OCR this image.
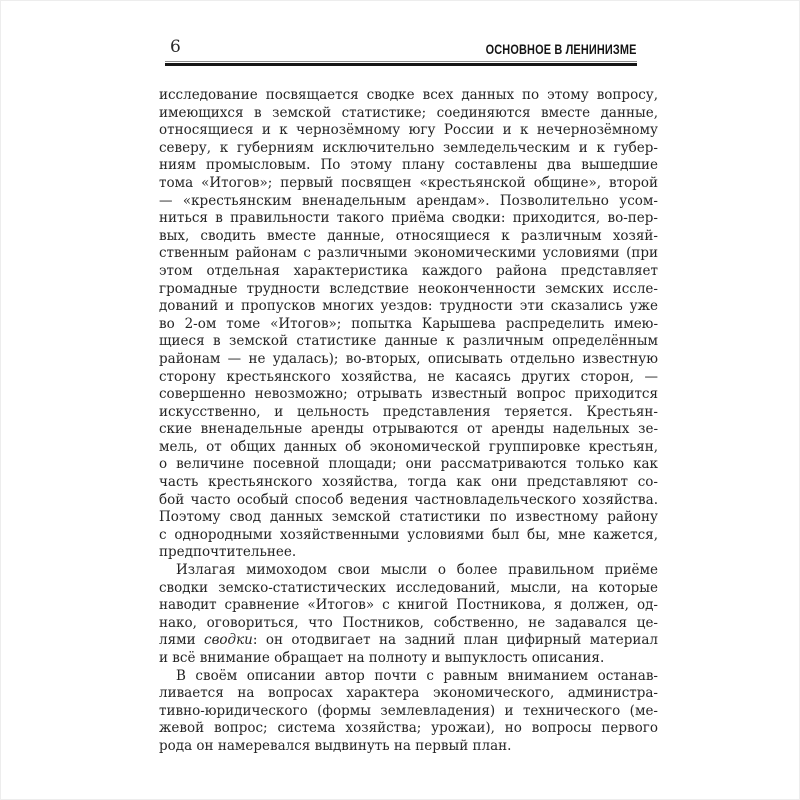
6	ОСНОВНОЕ В ЛЕНИНИЗМЕ
исследование посвящается сводке всех данных по этому вопросу,
имеющихся в земской статистике; соединяются вместе данные,
относящиеся и к чернозёмному югу России и к нечернозёмному
северу, к губерниям исключительно земледельческим и к губер-
ниям промысловым. По этому плану составлены два вышедшие
тома «Итогов»; первый посвящен «крестьянской общине», второй
— «крестьянским вненадельным арендам». Позволительно усом-
ниться в правильности такого приёма сводки: приходится, во-пер-
вых, сводить вместе данные, относящиеся к различным хозяй-
ственным районам с различными экономическими условиями (при
этом отдельная характеристика каждого района представляет
громадные трудности вследствие неоконченности земских иссле-
дований и пропусков многих уездов: трудности эти сказались уже
во 2-ом томе «Итогов»; попытка Карышева распределить имею-
щиеся в земской статистике данные к различным определённым
районам — не удалась); во-вторых, описывать отдельно известную
сторону крестьянского хозяйства, не касаясь других сторон, —
совершенно невозможно; отрывать известный вопрос приходится
искусственно, и цельность представления теряется. Крестьян-
ские вненадельные аренды отрываются от аренды надельных зе-
мель, от общих данных об экономической группировке крестьян,
о величине посевной площади; они рассматриваются только как
часть крестьянского хозяйства, тогда как они представляют со-
бой часто особый способ ведения частновладельческого хозяйства.
Поэтому свод данных земской статистики по известному району
с однородными хозяйственными условиями был бы, мне кажется,
предпочтительнее.
Излагая мимоходом свои мысли о более правильном приёме
сводки земско-статистических исследований, мысли, на которые
наводит сравнение «Итогов» с книгой Постникова, я должен, од-
нако, оговориться, что Постников, собственно, не задавался це-
лями сводки: он отодвигает на задний план цифирный материал
и всё внимание обращает на полноту и выпуклость описания.
В своём описании автор почти с равным вниманием останав-
ливается на вопросах характера экономического, администра-
тивно-юридического (формы землевладения) и технического (ме-
жевой вопрос; система хозяйства; урожаи), но вопросы первого
рода он намеревался выдвинуть на первый план.
